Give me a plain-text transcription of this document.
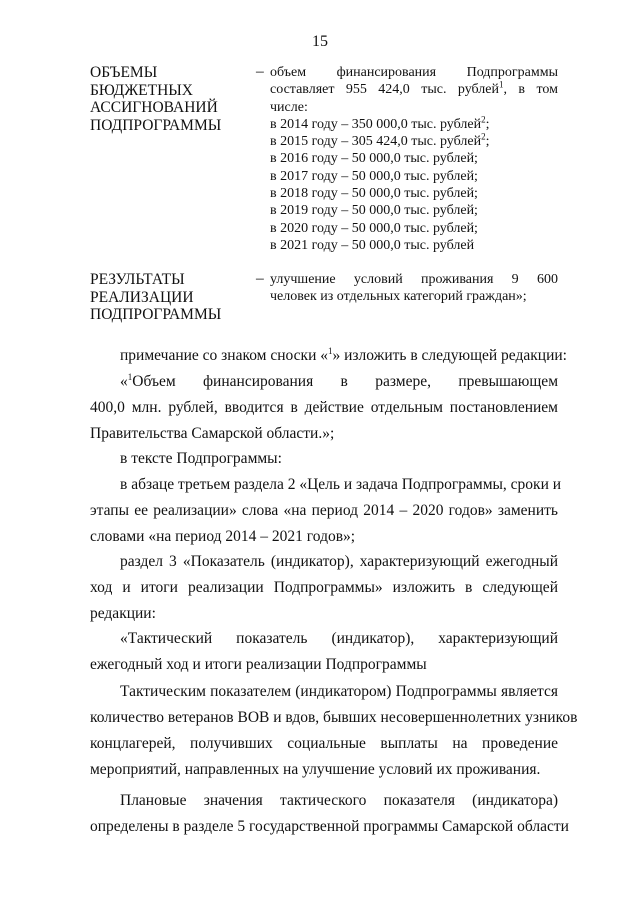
15
ОБЪЕМЫ
БЮДЖЕТНЫХ
АССИГНОВАНИЙ
ПОДПРОГРАММЫ
– объем финансирования Подпрограммы
составляет 955 424,0 тыс. рублей$^1$, в том
числе:
в 2014 году – 350 000,0 тыс. рублей$^2$;
в 2015 году – 305 424,0 тыс. рублей$^2$;
в 2016 году – 50 000,0 тыс. рублей;
в 2017 году – 50 000,0 тыс. рублей;
в 2018 году – 50 000,0 тыс. рублей;
в 2019 году – 50 000,0 тыс. рублей;
в 2020 году – 50 000,0 тыс. рублей;
в 2021 году – 50 000,0 тыс. рублей
РЕЗУЛЬТАТЫ
РЕАЛИЗАЦИИ
ПОДПРОГРАММЫ
– улучшение условий проживания 9 600
человек из отдельных категорий граждан»;
примечание со знаком сноски «$^1$» изложить в следующей редакции:
«$^1$Объем финансирования в размере, превышающем
400,0 млн. рублей, вводится в действие отдельным постановлением
Правительства Самарской области.»;
в тексте Подпрограммы:
в абзаце третьем раздела 2 «Цель и задача Подпрограммы, сроки и
этапы ее реализации» слова «на период 2014 – 2020 годов» заменить
словами «на период 2014 – 2021 годов»;
раздел 3 «Показатель (индикатор), характеризующий ежегодный
ход и итоги реализации Подпрограммы» изложить в следующей
редакции:
«Тактический показатель (индикатор), характеризующий
ежегодный ход и итоги реализации Подпрограммы
Тактическим показателем (индикатором) Подпрограммы является
количество ветеранов ВОВ и вдов, бывших несовершеннолетних узников
концлагерей, получивших социальные выплаты на проведение
мероприятий, направленных на улучшение условий их проживания.
Плановые значения тактического показателя (индикатора)
определены в разделе 5 государственной программы Самарской области
